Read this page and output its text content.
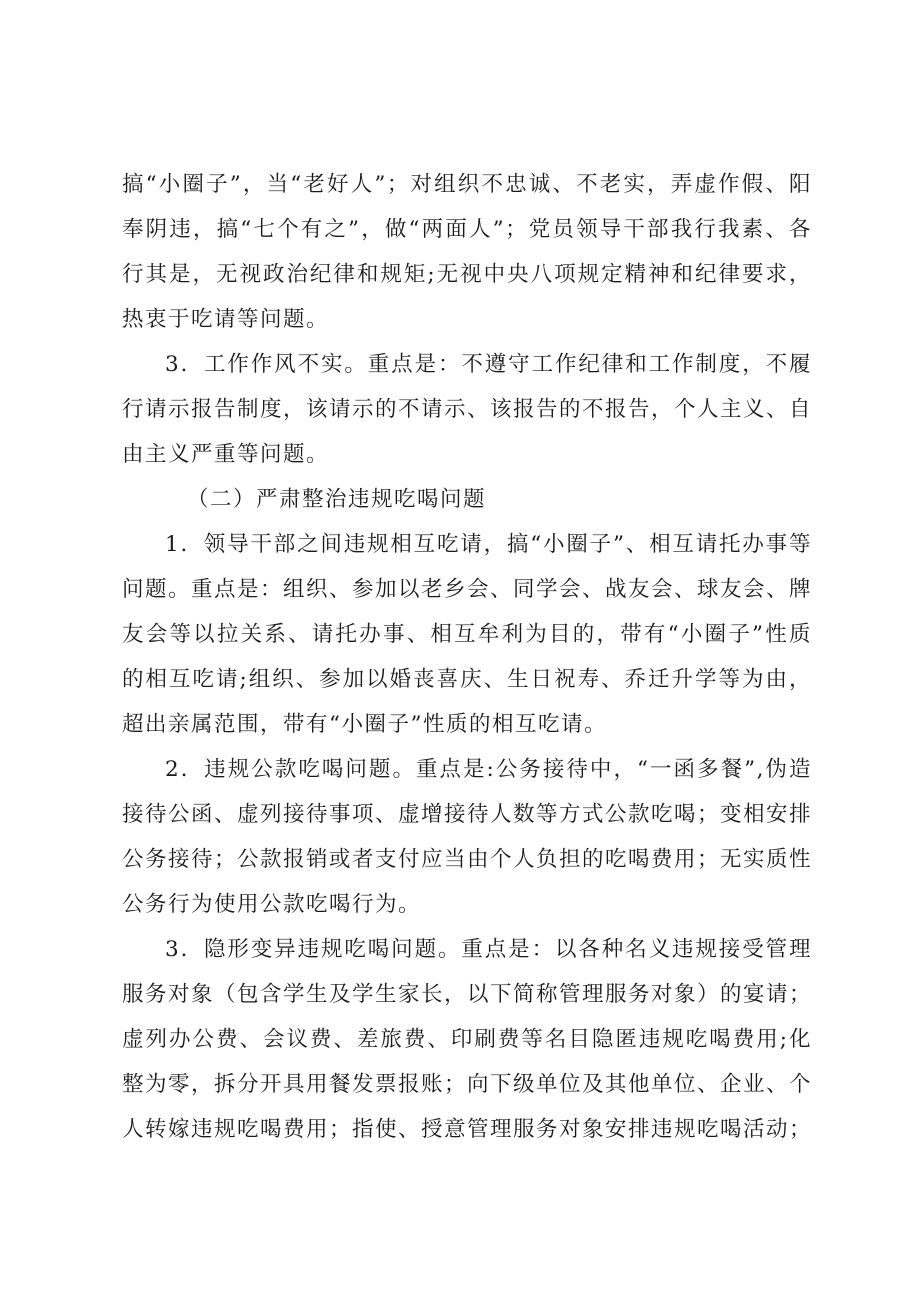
搞“小圈子”，当“老好人”；对组织不忠诚、不老实，弄虚作假、阳奉阴违，搞“七个有之”，做“两面人”；党员领导干部我行我素、各行其是，无视政治纪律和规矩;无视中央八项规定精神和纪律要求，热衷于吃请等问题。

3．工作作风不实。重点是：不遵守工作纪律和工作制度，不履行请示报告制度，该请示的不请示、该报告的不报告，个人主义、自由主义严重等问题。

（二）严肃整治违规吃喝问题

1．领导干部之间违规相互吃请，搞“小圈子”、相互请托办事等问题。重点是：组织、参加以老乡会、同学会、战友会、球友会、牌友会等以拉关系、请托办事、相互牟利为目的，带有“小圈子”性质的相互吃请;组织、参加以婚丧喜庆、生日祝寿、乔迁升学等为由，超出亲属范围，带有“小圈子”性质的相互吃请。

2．违规公款吃喝问题。重点是:公务接待中，“一函多餐”,伪造接待公函、虚列接待事项、虚增接待人数等方式公款吃喝；变相安排公务接待；公款报销或者支付应当由个人负担的吃喝费用；无实质性公务行为使用公款吃喝行为。

3．隐形变异违规吃喝问题。重点是：以各种名义违规接受管理服务对象（包含学生及学生家长，以下简称管理服务对象）的宴请；虚列办公费、会议费、差旅费、印刷费等名目隐匿违规吃喝费用;化整为零，拆分开具用餐发票报账；向下级单位及其他单位、企业、个人转嫁违规吃喝费用；指使、授意管理服务对象安排违规吃喝活动；
